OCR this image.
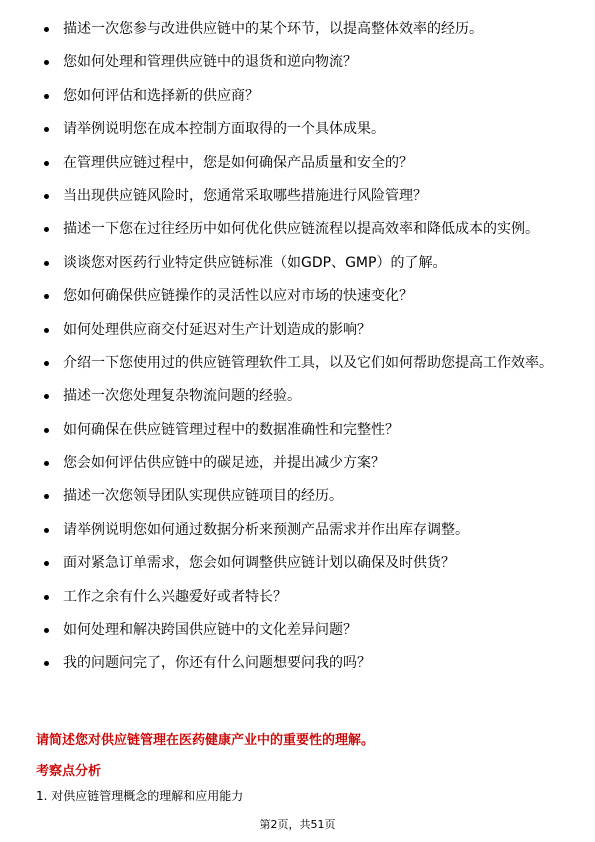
描述一次您参与改进供应链中的某个环节，以提高整体效率的经历。
您如何处理和管理供应链中的退货和逆向物流？
您如何评估和选择新的供应商？
请举例说明您在成本控制方面取得的一个具体成果。
在管理供应链过程中，您是如何确保产品质量和安全的？
当出现供应链风险时，您通常采取哪些措施进行风险管理？
描述一下您在过往经历中如何优化供应链流程以提高效率和降低成本的实例。
谈谈您对医药行业特定供应链标准（如GDP、GMP）的了解。
您如何确保供应链操作的灵活性以应对市场的快速变化？
如何处理供应商交付延迟对生产计划造成的影响？
介绍一下您使用过的供应链管理软件工具，以及它们如何帮助您提高工作效率。
描述一次您处理复杂物流问题的经验。
如何确保在供应链管理过程中的数据准确性和完整性？
您会如何评估供应链中的碳足迹，并提出减少方案？
描述一次您领导团队实现供应链项目的经历。
请举例说明您如何通过数据分析来预测产品需求并作出库存调整。
面对紧急订单需求，您会如何调整供应链计划以确保及时供货？
工作之余有什么兴趣爱好或者特长？
如何处理和解决跨国供应链中的文化差异问题？
我的问题问完了，你还有什么问题想要问我的吗？
请简述您对供应链管理在医药健康产业中的重要性的理解。
考察点分析
1. 对供应链管理概念的理解和应用能力
第2页，共51页
